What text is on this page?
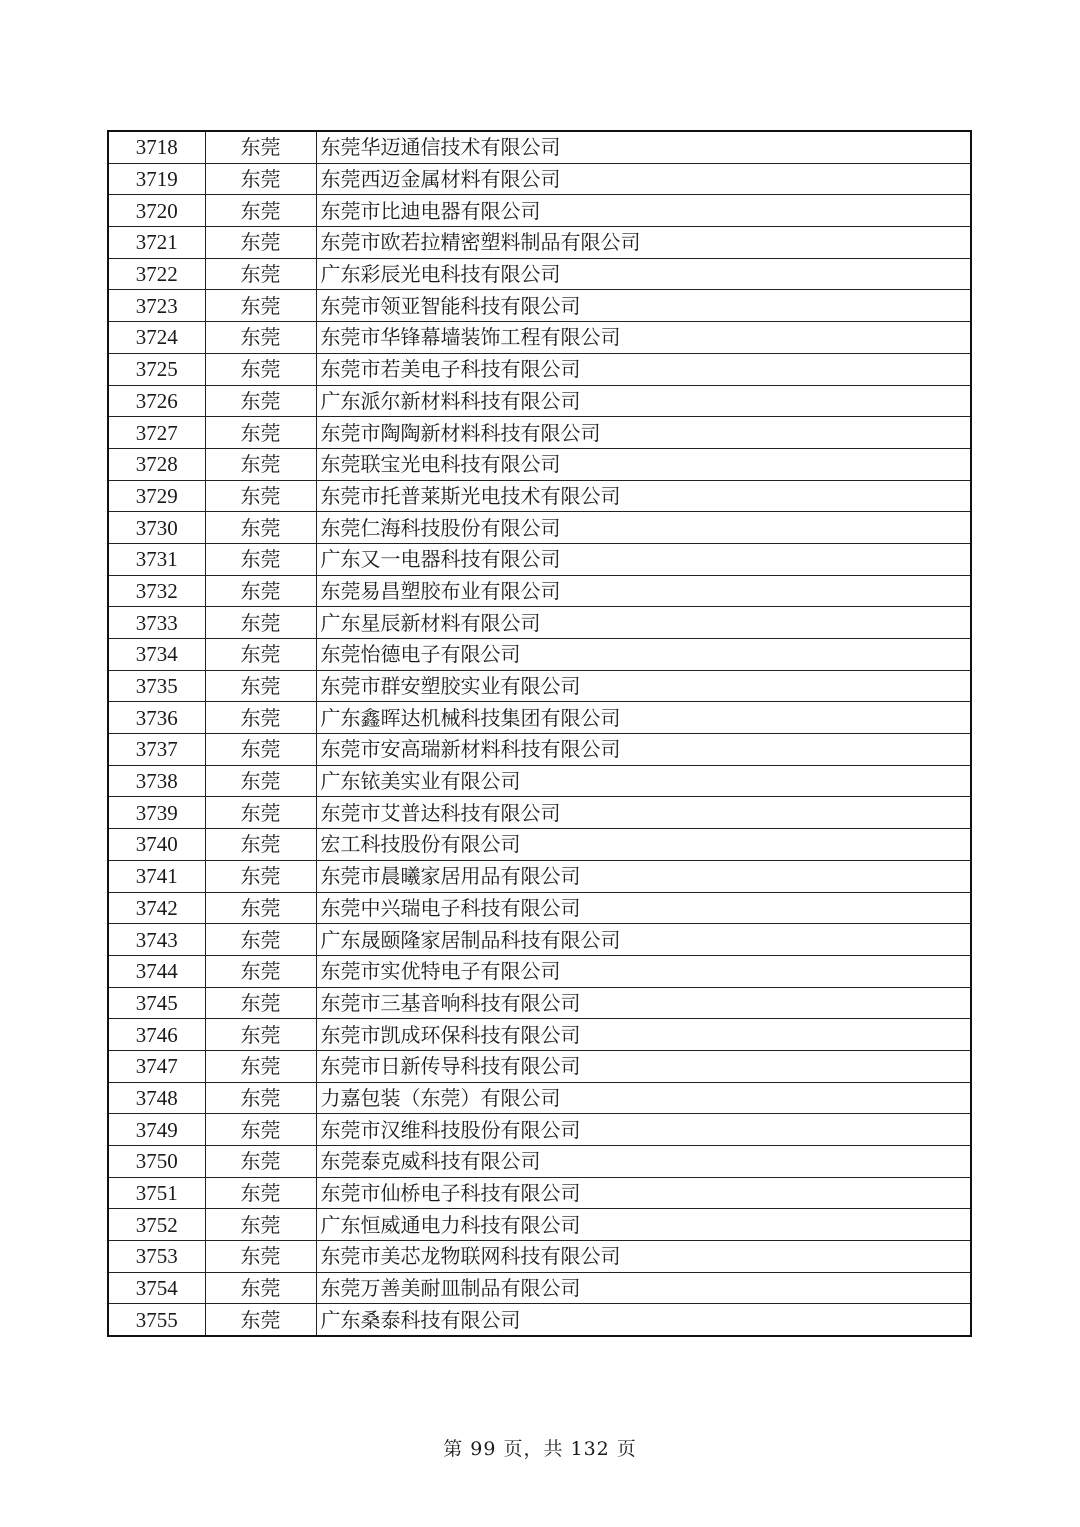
3718	东莞	东莞华迈通信技术有限公司
3719	东莞	东莞西迈金属材料有限公司
3720	东莞	东莞市比迪电器有限公司
3721	东莞	东莞市欧若拉精密塑料制品有限公司
3722	东莞	广东彩辰光电科技有限公司
3723	东莞	东莞市领亚智能科技有限公司
3724	东莞	东莞市华锋幕墙装饰工程有限公司
3725	东莞	东莞市若美电子科技有限公司
3726	东莞	广东派尔新材料科技有限公司
3727	东莞	东莞市陶陶新材料科技有限公司
3728	东莞	东莞联宝光电科技有限公司
3729	东莞	东莞市托普莱斯光电技术有限公司
3730	东莞	东莞仁海科技股份有限公司
3731	东莞	广东又一电器科技有限公司
3732	东莞	东莞易昌塑胶布业有限公司
3733	东莞	广东星辰新材料有限公司
3734	东莞	东莞怡德电子有限公司
3735	东莞	东莞市群安塑胶实业有限公司
3736	东莞	广东鑫晖达机械科技集团有限公司
3737	东莞	东莞市安高瑞新材料科技有限公司
3738	东莞	广东铱美实业有限公司
3739	东莞	东莞市艾普达科技有限公司
3740	东莞	宏工科技股份有限公司
3741	东莞	东莞市晨曦家居用品有限公司
3742	东莞	东莞中兴瑞电子科技有限公司
3743	东莞	广东晟颐隆家居制品科技有限公司
3744	东莞	东莞市实优特电子有限公司
3745	东莞	东莞市三基音响科技有限公司
3746	东莞	东莞市凯成环保科技有限公司
3747	东莞	东莞市日新传导科技有限公司
3748	东莞	力嘉包装（东莞）有限公司
3749	东莞	东莞市汉维科技股份有限公司
3750	东莞	东莞泰克威科技有限公司
3751	东莞	东莞市仙桥电子科技有限公司
3752	东莞	广东恒威通电力科技有限公司
3753	东莞	东莞市美芯龙物联网科技有限公司
3754	东莞	东莞万善美耐皿制品有限公司
3755	东莞	广东桑泰科技有限公司
第 99 页，共 132 页
